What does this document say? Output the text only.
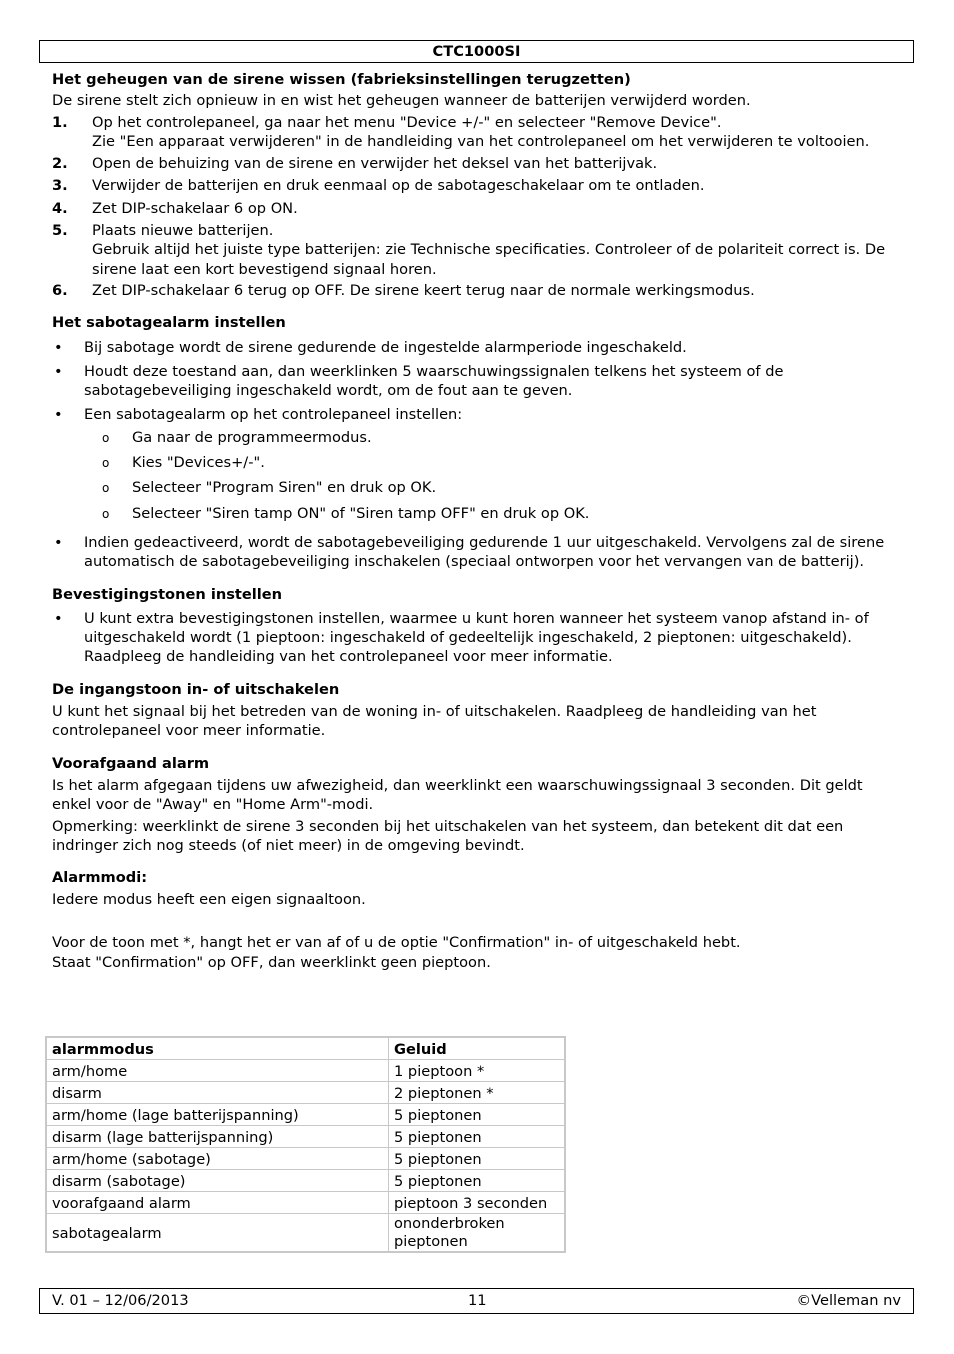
CTC1000SI
Het geheugen van de sirene wissen (fabrieksinstellingen terugzetten)

De sirene stelt zich opnieuw in en wist het geheugen wanneer de batterijen verwijderd worden.

1. Op het controlepaneel, ga naar het menu "Device +/-" en selecteer "Remove Device".

Zie "Een apparaat verwijderen" in de handleiding van het controlepaneel om het verwijderen te voltooien.

2. Open de behuizing van de sirene en verwijder het deksel van het batterijvak.

3. Verwijder de batterijen en druk eenmaal op de sabotageschakelaar om te ontladen.

4. Zet DIP-schakelaar 6 op ON.

5. Plaats nieuwe batterijen.

Gebruik altijd het juiste type batterijen: zie Technische specificaties. Controleer of de polariteit correct is. De sirene laat een kort bevestigend signaal horen.

6. Zet DIP-schakelaar 6 terug op OFF. De sirene keert terug naar de normale werkingsmodus.

Het sabotagealarm instellen

• Bij sabotage wordt de sirene gedurende de ingestelde alarmperiode ingeschakeld.

• Houdt deze toestand aan, dan weerklinken 5 waarschuwingssignalen telkens het systeem of de sabotagebeveiliging ingeschakeld wordt, om de fout aan te geven.

• Een sabotagealarm op het controlepaneel instellen:

o Ga naar de programmeermodus.

o Kies "Devices+/-".

o Selecteer "Program Siren" en druk op OK.

o Selecteer "Siren tamp ON" of "Siren tamp OFF" en druk op OK.

• Indien gedeactiveerd, wordt de sabotagebeveiliging gedurende 1 uur uitgeschakeld. Vervolgens zal de sirene automatisch de sabotagebeveiliging inschakelen (speciaal ontworpen voor het vervangen van de batterij).

Bevestigingstonen instellen

• U kunt extra bevestigingstonen instellen, waarmee u kunt horen wanneer het systeem vanop afstand in- of uitgeschakeld wordt (1 pieptoon: ingeschakeld of gedeeltelijk ingeschakeld, 2 pieptonen: uitgeschakeld). Raadpleeg de handleiding van het controlepaneel voor meer informatie.

De ingangstoon in- of uitschakelen

U kunt het signaal bij het betreden van de woning in- of uitschakelen. Raadpleeg de handleiding van het controlepaneel voor meer informatie.

Voorafgaand alarm

Is het alarm afgegaan tijdens uw afwezigheid, dan weerklinkt een waarschuwingssignaal 3 seconden. Dit geldt enkel voor de "Away" en "Home Arm"-modi.

Opmerking: weerklinkt de sirene 3 seconden bij het uitschakelen van het systeem, dan betekent dit dat een indringer zich nog steeds (of niet meer) in de omgeving bevindt.

Alarmmodi:

Iedere modus heeft een eigen signaaltoon.

Voor de toon met *, hangt het er van af of u de optie "Confirmation" in- of uitgeschakeld hebt.

Staat "Confirmation" op OFF, dan weerklinkt geen pieptoon.

alarmmodus	Geluid
arm/home	1 pieptoon *
disarm	2 pieptonen *
arm/home (lage batterijspanning)	5 pieptonen
disarm (lage batterijspanning)	5 pieptonen
arm/home (sabotage)	5 pieptonen
disarm (sabotage)	5 pieptonen
voorafgaand alarm	pieptoon 3 seconden
sabotagealarm	ononderbroken pieptonen
V. 01 – 12/06/2013	11	©Velleman nv
